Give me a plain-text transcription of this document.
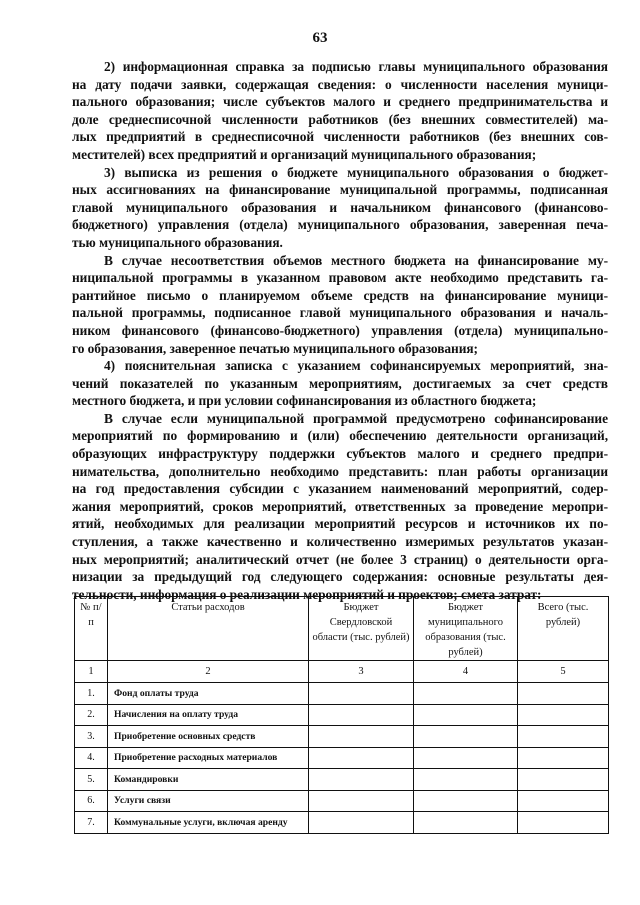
63
2) информационная справка за подписью главы муниципального образования
на дату подачи заявки, содержащая сведения: о численности населения муници-
пального образования; числе субъектов малого и среднего предпринимательства и
доле среднесписочной численности работников (без внешних совместителей) ма-
лых предприятий в среднесписочной численности работников (без внешних сов-
местителей) всех предприятий и организаций муниципального образования;
3) выписка из решения о бюджете муниципального образования о бюджет-
ных ассигнованиях на финансирование муниципальной программы, подписанная
главой муниципального образования и начальником финансового (финансово-
бюджетного) управления (отдела) муниципального образования, заверенная печа-
тью муниципального образования.
В случае несоответствия объемов местного бюджета на финансирование му-
ниципальной программы в указанном правовом акте необходимо представить га-
рантийное письмо о планируемом объеме средств на финансирование муници-
пальной программы, подписанное главой муниципального образования и началь-
ником финансового (финансово-бюджетного) управления (отдела) муниципально-
го образования, заверенное печатью муниципального образования;
4) пояснительная записка с указанием софинансируемых мероприятий, зна-
чений показателей по указанным мероприятиям, достигаемых за счет средств
местного бюджета, и при условии софинансирования из областного бюджета;
В случае если муниципальной программой предусмотрено софинансирование
мероприятий по формированию и (или) обеспечению деятельности организаций,
образующих инфраструктуру поддержки субъектов малого и среднего предпри-
нимательства, дополнительно необходимо представить: план работы организации
на год предоставления субсидии с указанием наименований мероприятий, содер-
жания мероприятий, сроков мероприятий, ответственных за проведение меропри-
ятий, необходимых для реализации мероприятий ресурсов и источников их по-
ступления, а также качественно и количественно измеримых результатов указан-
ных мероприятий; аналитический отчет (не более 3 страниц) о деятельности орга-
низации за предыдущий год следующего содержания: основные результаты дея-
тельности, информация о реализации мероприятий и проектов; смета затрат:
№ п/п	Статьи расходов	Бюджет Свердловской области (тыс. рублей)	Бюджет муниципального образования (тыс. рублей)	Всего (тыс. рублей)
1	2	3	4	5
1.	Фонд оплаты труда			
2.	Начисления на оплату труда			
3.	Приобретение основных средств			
4.	Приобретение расходных материалов			
5.	Командировки			
6.	Услуги связи			
7.	Коммунальные услуги, включая аренду			
